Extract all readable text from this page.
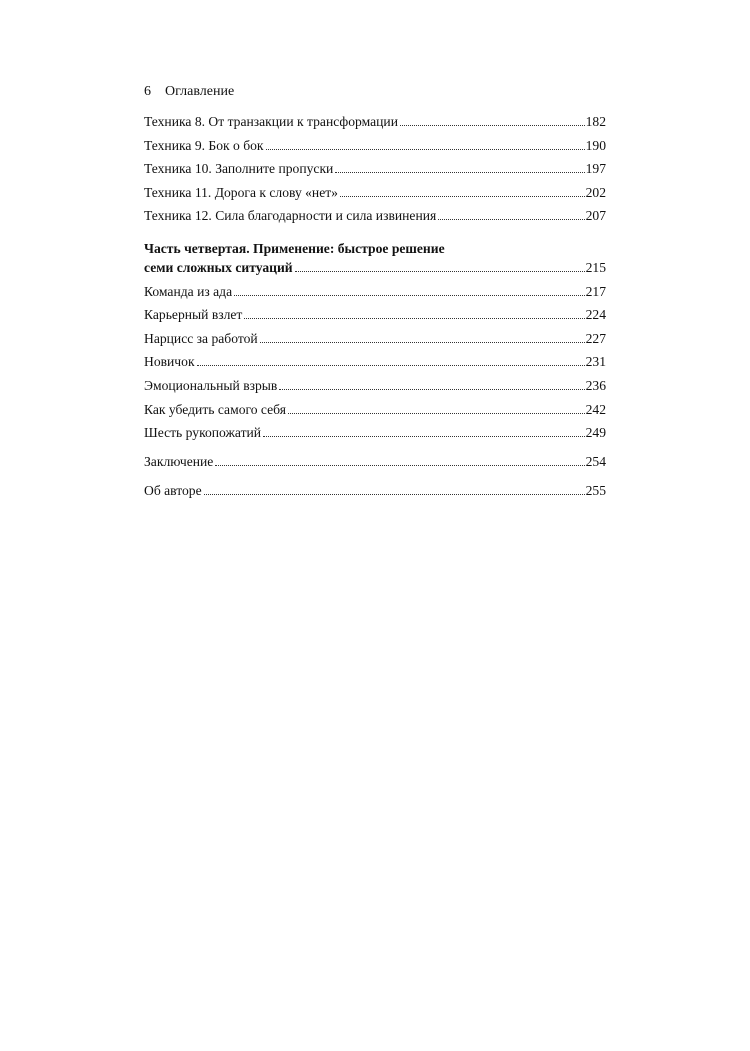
6 Оглавление
Техника 8. От транзакции к трансформации	182
Техника 9. Бок о бок	190
Техника 10. Заполните пропуски	197
Техника 11. Дорога к слову «нет»	202
Техника 12. Сила благодарности и сила извинения	207
Часть четвертая. Применение: быстрое решение
семи сложных ситуаций	215
Команда из ада	217
Карьерный взлет	224
Нарцисс за работой	227
Новичок	231
Эмоциональный взрыв	236
Как убедить самого себя	242
Шесть рукопожатий	249
Заключение	254
Об авторе	255
